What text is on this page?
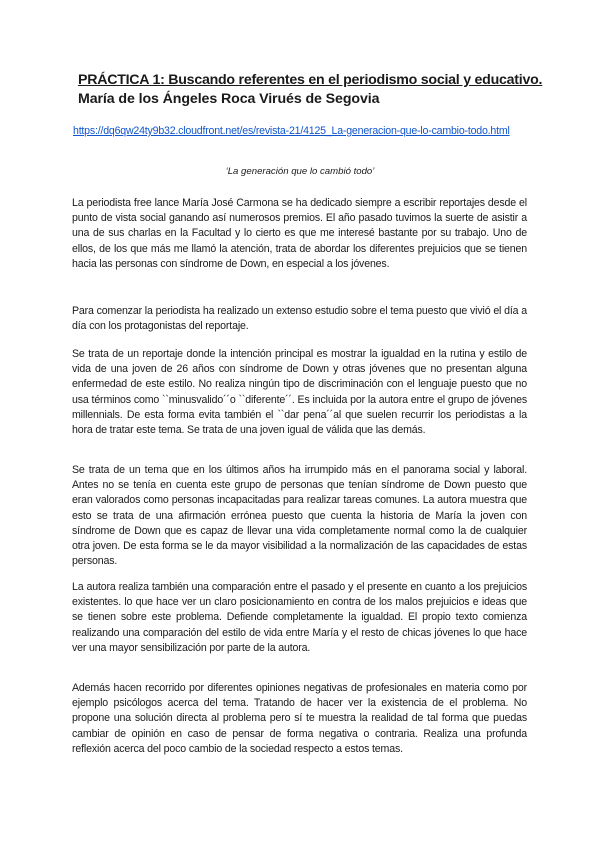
PRÁCTICA 1: Buscando referentes en el periodismo social y educativo.
María de los Ángeles Roca Virués de Segovia
https://dq6qw24ty9b32.cloudfront.net/es/revista-21/4125_La-generacion-que-lo-cambio-todo.html
‘La generación que lo cambió todo’

La periodista free lance María José Carmona se ha dedicado siempre a escribir reportajes desde el punto de vista social ganando así numerosos premios. El año pasado tuvimos la suerte de asistir a una de sus charlas en la Facultad y lo cierto es que me interesé bastante por su trabajo. Uno de ellos, de los que más me llamó la atención, trata de abordar los diferentes prejuicios que se tienen hacia las personas con síndrome de Down, en especial a los jóvenes.

Para comenzar la periodista ha realizado un extenso estudio sobre el tema puesto que vivió el día a día con los protagonistas del reportaje.

Se trata de un reportaje donde la intención principal es mostrar la igualdad en la rutina y estilo de vida de una joven de 26 años con síndrome de Down y otras jóvenes que no presentan alguna enfermedad de este estilo. No realiza ningún tipo de discriminación con el lenguaje puesto que no usa términos como ``minusvalido´´o ``diferente´´. Es incluida por la autora entre el grupo de jóvenes millennials. De esta forma evita también el ``dar pena´´al que suelen recurrir los periodistas a la hora de tratar este tema. Se trata de una joven igual de válida que las demás.

Se trata de un tema que en los últimos años ha irrumpido más en el panorama social y laboral. Antes no se tenía en cuenta este grupo de personas que tenían síndrome de Down puesto que eran valorados como personas incapacitadas para realizar tareas comunes. La autora muestra que esto se trata de una afirmación errónea puesto que cuenta la historia de María la joven con síndrome de Down que es capaz de llevar una vida completamente normal como la de cualquier otra joven. De esta forma se le da mayor visibilidad a la normalización de las capacidades de estas personas.

La autora realiza también una comparación entre el pasado y el presente en cuanto a los prejuicios existentes. lo que hace ver un claro posicionamiento en contra de los malos prejuicios e ideas que se tienen sobre este problema. Defiende completamente la igualdad. El propio texto comienza realizando una comparación del estilo de vida entre María y el resto de chicas jóvenes lo que hace ver una mayor sensibilización por parte de la autora.

Además hacen recorrido por diferentes opiniones negativas de profesionales en materia como por ejemplo psicólogos acerca del tema. Tratando de hacer ver la existencia de el problema. No propone una solución directa al problema pero sí te muestra la realidad de tal forma que puedas cambiar de opinión en caso de pensar de forma negativa o contraria. Realiza una profunda reflexión acerca del poco cambio de la sociedad respecto a estos temas.
